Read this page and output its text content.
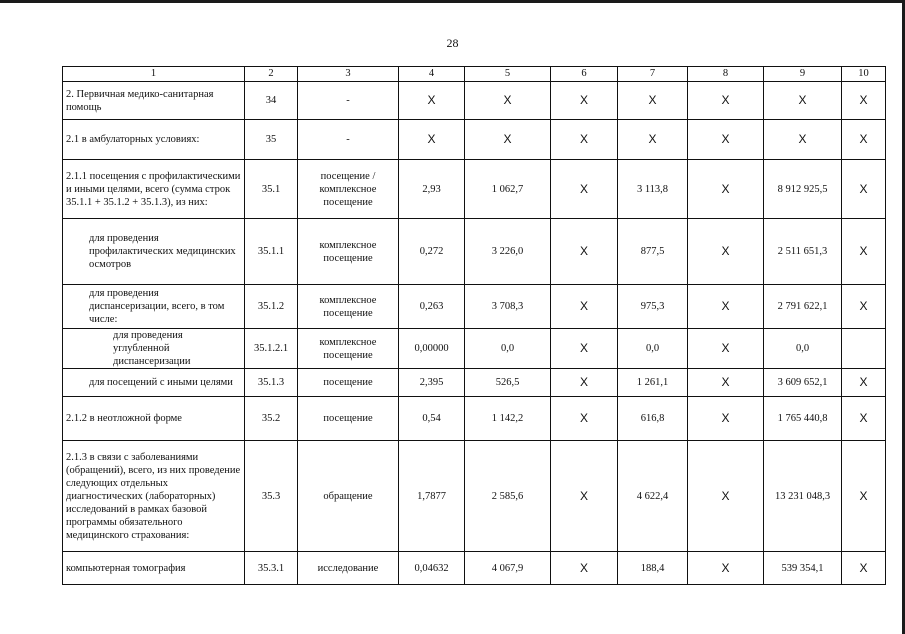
28
1	2	3	4	5	6	7	8	9	10
2. Первичная медико-санитарная помощь	34	-	X	X	X	X	X	X	X
2.1 в амбулаторных условиях:	35	-	X	X	X	X	X	X	X
2.1.1 посещения с профилактическими и иными целями, всего (сумма строк 35.1.1 + 35.1.2 + 35.1.3), из них:	35.1	посещение / комплексное посещение	2,93	1 062,7	X	3 113,8	X	8 912 925,5	X
для проведения профилактических медицинских осмотров	35.1.1	комплексное посещение	0,272	3 226,0	X	877,5	X	2 511 651,3	X
для проведения диспансеризации, всего, в том числе:	35.1.2	комплексное посещение	0,263	3 708,3	X	975,3	X	2 791 622,1	X
для проведения углубленной диспансеризации	35.1.2.1	комплексное посещение	0,00000	0,0	X	0,0	X	0,0	
для посещений с иными целями	35.1.3	посещение	2,395	526,5	X	1 261,1	X	3 609 652,1	X
2.1.2 в неотложной форме	35.2	посещение	0,54	1 142,2	X	616,8	X	1 765 440,8	X
2.1.3 в связи с заболеваниями (обращений), всего, из них проведение следующих отдельных диагностических (лабораторных) исследований в рамках базовой программы обязательного медицинского страхования:	35.3	обращение	1,7877	2 585,6	X	4 622,4	X	13 231 048,3	X
компьютерная томография	35.3.1	исследование	0,04632	4 067,9	X	188,4	X	539 354,1	X
